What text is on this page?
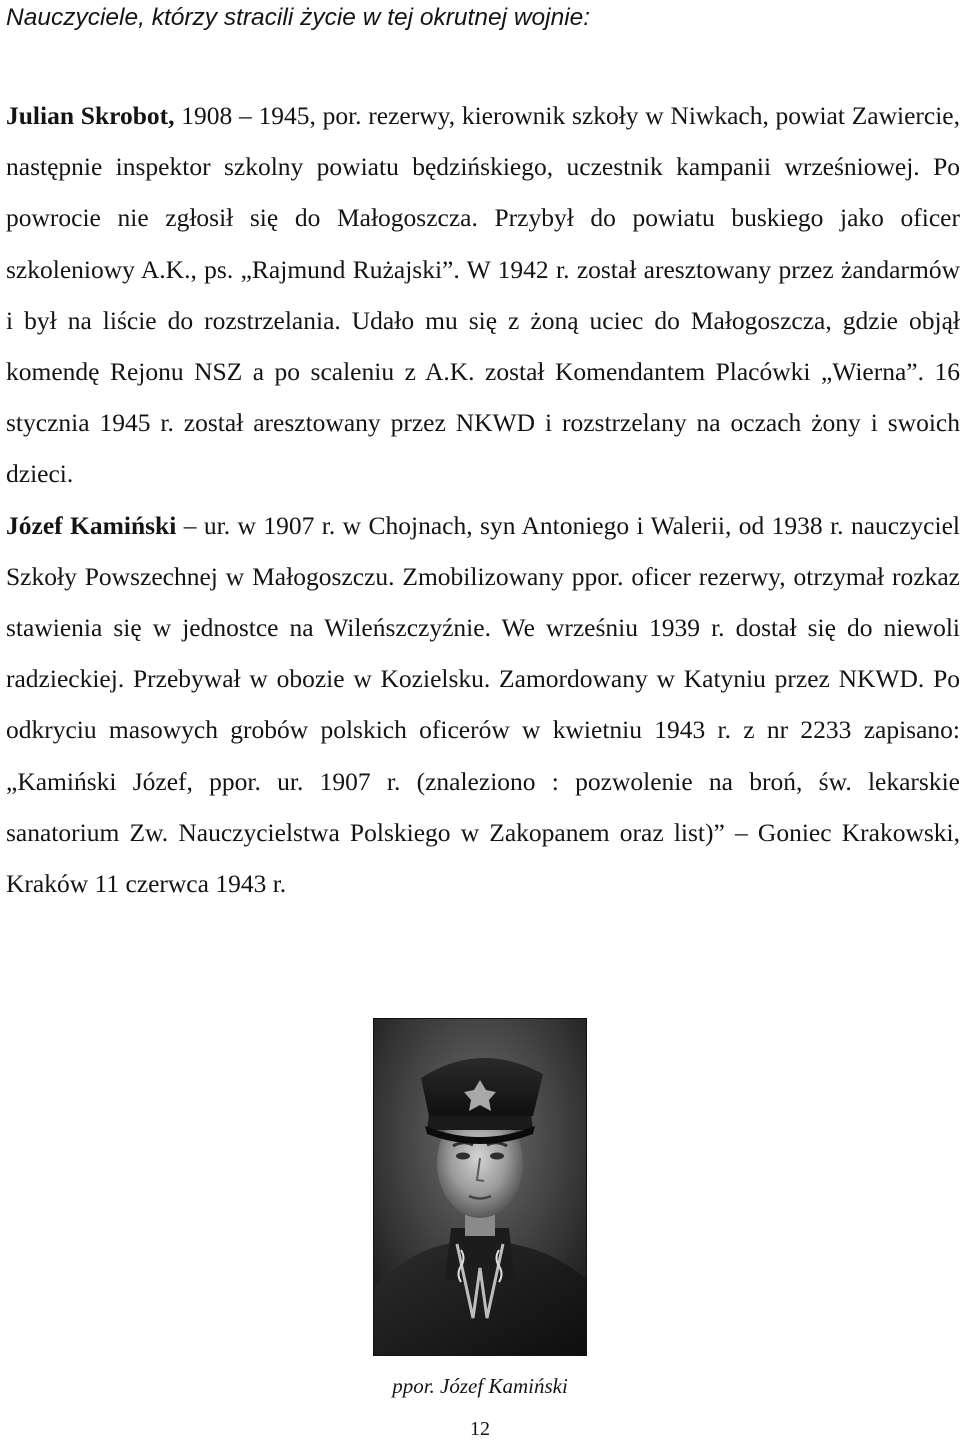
Nauczyciele, którzy stracili życie w tej okrutnej wojnie:

Julian Skrobot, 1908 – 1945, por. rezerwy, kierownik szkoły w Niwkach, powiat Zawiercie, następnie inspektor szkolny powiatu będzińskiego, uczestnik kampanii wrześniowej. Po powrocie nie zgłosił się do Małogoszcza. Przybył do powiatu buskiego jako oficer szkoleniowy A.K., ps. „Rajmund Rużajski”. W 1942 r. został aresztowany przez żandarmów i był na liście do rozstrzelania. Udało mu się z żoną uciec do Małogoszcza, gdzie objął komendę Rejonu NSZ a po scaleniu z A.K. został Komendantem Placówki „Wierna”. 16 stycznia 1945 r. został aresztowany przez NKWD i rozstrzelany na oczach żony i swoich dzieci.

Józef Kamiński – ur. w 1907 r. w Chojnach, syn Antoniego i Walerii, od 1938 r. nauczyciel Szkoły Powszechnej w Małogoszczu. Zmobilizowany ppor. oficer rezerwy, otrzymał rozkaz stawienia się w jednostce na Wileńszczyźnie. We wrześniu 1939 r. dostał się do niewoli radzieckiej. Przebywał w obozie w Kozielsku. Zamordowany w Katyniu przez NKWD. Po odkryciu masowych grobów polskich oficerów w kwietniu 1943 r. z nr 2233 zapisano: „Kamiński Józef, ppor. ur. 1907 r. (znaleziono : pozwolenie na broń, św. lekarskie sanatorium Zw. Nauczycielstwa Polskiego w Zakopanem oraz list)” – Goniec Krakowski, Kraków 11 czerwca 1943 r.

ppor. Józef Kamiński
12
